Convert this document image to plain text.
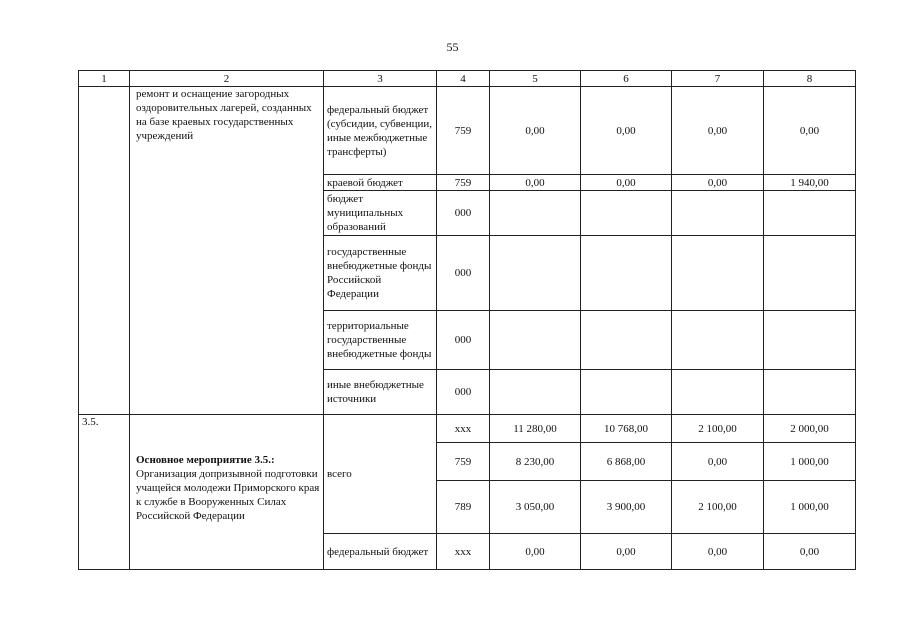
55
1	2	3	4	5	6	7	8
	ремонт и оснащение загородных оздоровительных лагерей, созданных на базе краевых государственных учреждений	федеральный бюджет (субсидии, субвенции, иные межбюджетные трансферты)	759	0,00	0,00	0,00	0,00
		краевой бюджет	759	0,00	0,00	0,00	1 940,00
		бюджет муниципальных образований	000				
		государственные внебюджетные фонды Российской Федерации	000				
		территориальные государственные внебюджетные фонды	000				
		иные внебюджетные источники	000				
3.5.	Основное мероприятие 3.5.:
Организация допризывной подготовки учащейся молодежи Приморского края к службе в Вооруженных Силах Российской Федерации	всего	ххх	11 280,00	10 768,00	2 100,00	2 000,00
			759	8 230,00	6 868,00	0,00	1 000,00
			789	3 050,00	3 900,00	2 100,00	1 000,00
		федеральный бюджет	ххх	0,00	0,00	0,00	0,00
